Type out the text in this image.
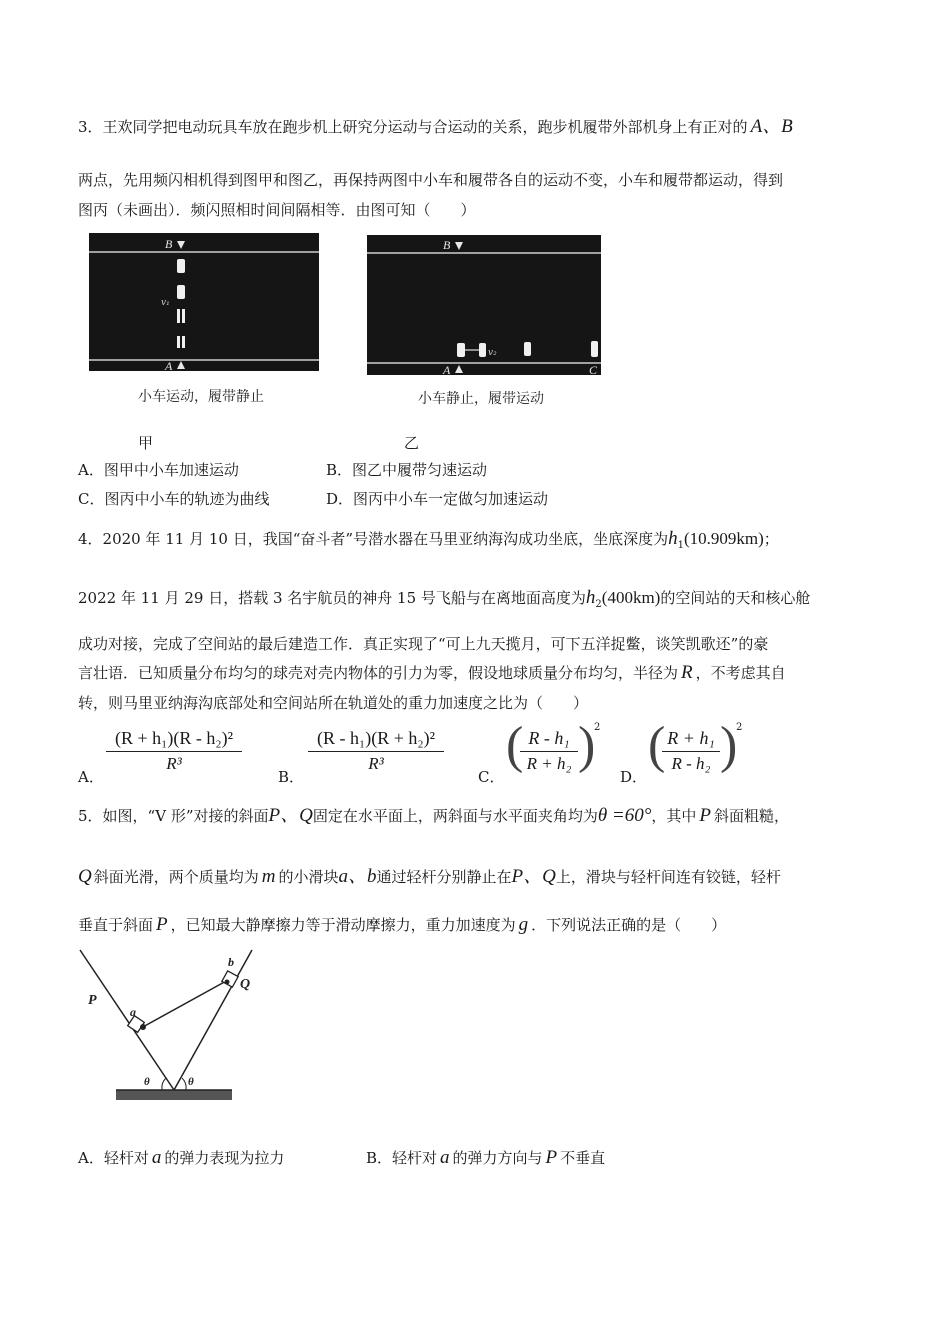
3．王欢同学把电动玩具车放在跑步机上研究分运动与合运动的关系，跑步机履带外部机身上有正对的 A、B
两点，先用频闪相机得到图甲和图乙，再保持两图中小车和履带各自的运动不变，小车和履带都运动，得到
图丙（未画出）．频闪照相时间间隔相等．由图可知（　　）
B
v₁
A
小车运动，履带静止
甲
B
v₂
A	C
小车静止，履带运动
乙
A．图甲中小车加速运动	B．图乙中履带匀速运动
C．图丙中小车的轨迹为曲线	D．图丙中小车一定做匀加速运动
4．2020 年 11 月 10 日，我国“奋斗者”号潜水器在马里亚纳海沟成功坐底，坐底深度为$h_1(10.909km)$；
2022 年 11 月 29 日，搭载 3 名宇航员的神舟 15 号飞船与在离地面高度为$h_2(400km)$的空间站的天和核心舱
成功对接，完成了空间站的最后建造工作．真正实现了“可上九天揽月，可下五洋捉鳖，谈笑凯歌还”的豪
言壮语．已知质量分布均匀的球壳对壳内物体的引力为零，假设地球质量分布均匀，半径为 R ，不考虑其自
转，则马里亚纳海沟底部处和空间站所在轨道处的重力加速度之比为（　　）
A．
(R + h₁)(R - h₂)²
R³
B．
(R - h₁)(R + h₂)²
R³
C．
( R - h₁
R + h₂ )
2
D．
( R + h₁
R - h₂ )
2
5．如图，“V 形”对接的斜面P、Q固定在水平面上，两斜面与水平面夹角均为θ =60°，其中 P 斜面粗糙，
Q 斜面光滑，两个质量均为 m 的小滑块a、b通过轻杆分别静止在P、Q上，滑块与轻杆间连有铰链，轻杆
垂直于斜面 P ，已知最大静摩擦力等于滑动摩擦力，重力加速度为 g ．下列说法正确的是（　　）
P
Q
a
b
θ	θ
A．轻杆对 a 的弹力表现为拉力	B．轻杆对 a 的弹力方向与 P 不垂直
